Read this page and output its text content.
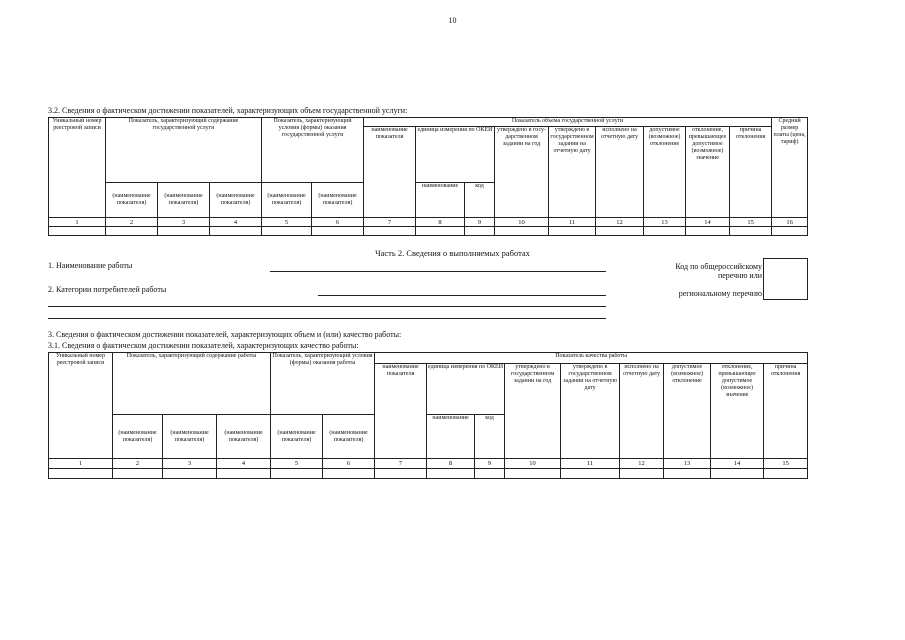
10
3.2. Сведения о фактическом достижении показателей, характеризующих объем государственной услуги:
Уникальный номер реестровой записи	Показатель, характеризующий содержание государственной услуги			Показатель, характеризующий условия (формы) оказания государственной услуги		Показатель объема государственной услуги									Средний размер платы (цена, тариф)
						наименование показателя	единица измерения по ОКЕИ		утверждено в государственном задании на год	утверждено в государственном задании на отчетную дату	исполнено на отчетную дату	допустимое (возможное) отклонение	отклонение, превышающее допустимое (возможное) значение	причина отклонения	
	(наименование показателя)	(наименование показателя)	(наименование показателя)	(наименование показателя)	(наименование показателя)		наименование	код							
1	2	3	4	5	6	7	8	9	10	11	12	13	14	15	16

Часть 2. Сведения о выполняемых работах
1. Наименование работы
2. Категории потребителей работы
Код по общероссийскому
перечню или
региональному перечню
3. Сведения о фактическом достижении показателей, характеризующих объем и (или) качество работы:
3.1. Сведения о фактическом достижении показателей, характеризующих качество работы:
Уникальный номер реестровой записи	Показатель, характеризующий содержание работы			Показатель, характеризующий условия (формы) оказания работы		Показатель качества работы								
						наименование показателя	единица измерения по ОКЕИ		утверждено в государственном задании на год	утверждено в государственном задании на отчетную дату	исполнено на отчетную дату	допустимое (возможное) отклонение	отклонение, превышающее допустимое (возможное) значение	причина отклонения
	(наименование показателя)	(наименование показателя)	(наименование показателя)	(наименование показателя)	(наименование показателя)		наименование	код						
1	2	3	4	5	6	7	8	9	10	11	12	13	14	15
